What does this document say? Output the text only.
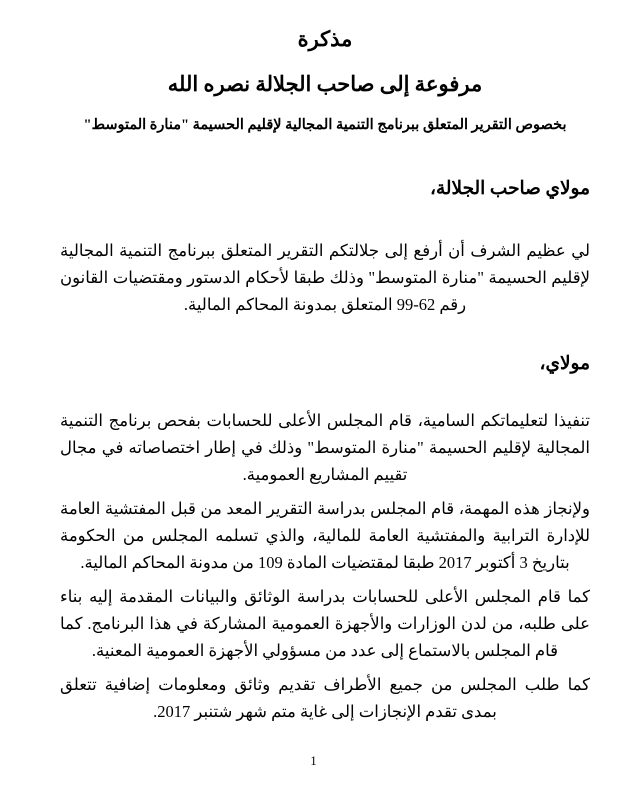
مذكرة
مرفوعة إلى صاحب الجلالة نصره الله
بخصوص التقرير المتعلق ببرنامج التنمية المجالية لإقليم الحسيمة "منارة المتوسط"
مولاي صاحب الجلالة،
لي عظيم الشرف أن أرفع إلى جلالتكم التقرير المتعلق ببرنامج التنمية المجالية لإقليم الحسيمة "منارة المتوسط" وذلك طبقا لأحكام الدستور ومقتضيات القانون رقم 62-99 المتعلق بمدونة المحاكم المالية.
مولاي،
تنفيذا لتعليماتكم السامية، قام المجلس الأعلى للحسابات بفحص برنامج التنمية المجالية لإقليم الحسيمة "منارة المتوسط" وذلك في إطار اختصاصاته في مجال تقييم المشاريع العمومية.
ولإنجاز هذه المهمة، قام المجلس بدراسة التقرير المعد من قبل المفتشية العامة للإدارة الترابية والمفتشية العامة للمالية، والذي تسلمه المجلس من الحكومة بتاريخ 3 أكتوبر 2017 طبقا لمقتضيات المادة 109 من مدونة المحاكم المالية.
كما قام المجلس الأعلى للحسابات بدراسة الوثائق والبيانات المقدمة إليه بناء على طلبه، من لدن الوزارات والأجهزة العمومية المشاركة في هذا البرنامج. كما قام المجلس بالاستماع إلى عدد من مسؤولي الأجهزة العمومية المعنية.
كما طلب المجلس من جميع الأطراف تقديم وثائق ومعلومات إضافية تتعلق بمدى تقدم الإنجازات إلى غاية متم شهر شتنبر 2017.
1
